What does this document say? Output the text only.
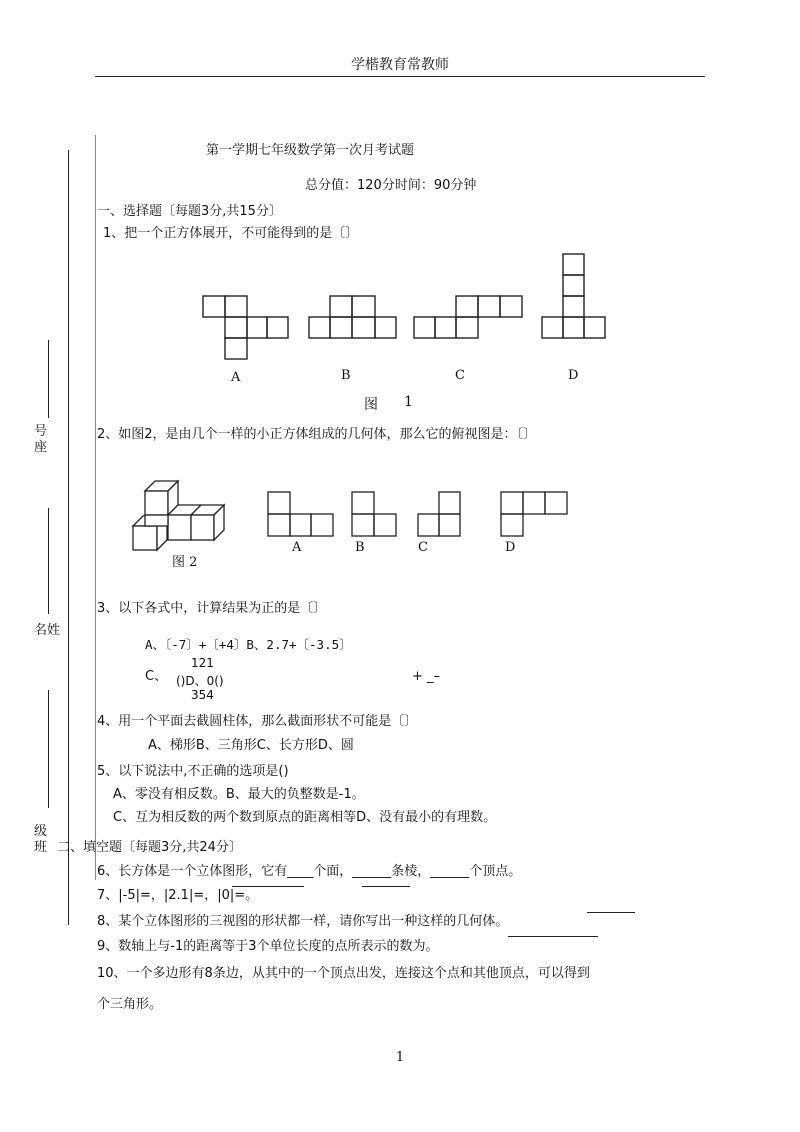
学楷教育常教师
号
座
名 姓
级
班
第一学期七年级数学第一次月考试题
总分值：120分时间：90分钟
一、选择题〔每题3分,共15分〕
1、把一个正方体展开，不可能得到的是〔〕
A	B	C	D
图 1
2、如图2，是由几个一样的小正方体组成的几何体，那么它的俯视图是：〔〕
图 2
A	B	C	D
3、以下各式中，计算结果为正的是〔〕
A、〔-7〕+〔+4〕B、2.7+〔-3.5〕
C、
121
()D、0()
354
+ _–
4、用一个平面去截圆柱体，那么截面形状不可能是〔〕
A、梯形B、三角形C、长方形D、圆
5、以下说法中,不正确的选项是()
A、零没有相反数。B、最大的负整数是-1。
C、互为相反数的两个数到原点的距离相等D、没有最小的有理数。
二、填空题〔每题3分,共24分〕
6、长方体是一个立体图形，它有____个面，______条棱，______个顶点。
7、|-5|=，|2.1|=，|0|=。
8、某个立体图形的三视图的形状都一样，请你写出一种这样的几何体。
9、数轴上与-1的距离等于3个单位长度的点所表示的数为。
10、一个多边形有8条边，从其中的一个顶点出发，连接这个点和其他顶点，可以得到
个三角形。
1
